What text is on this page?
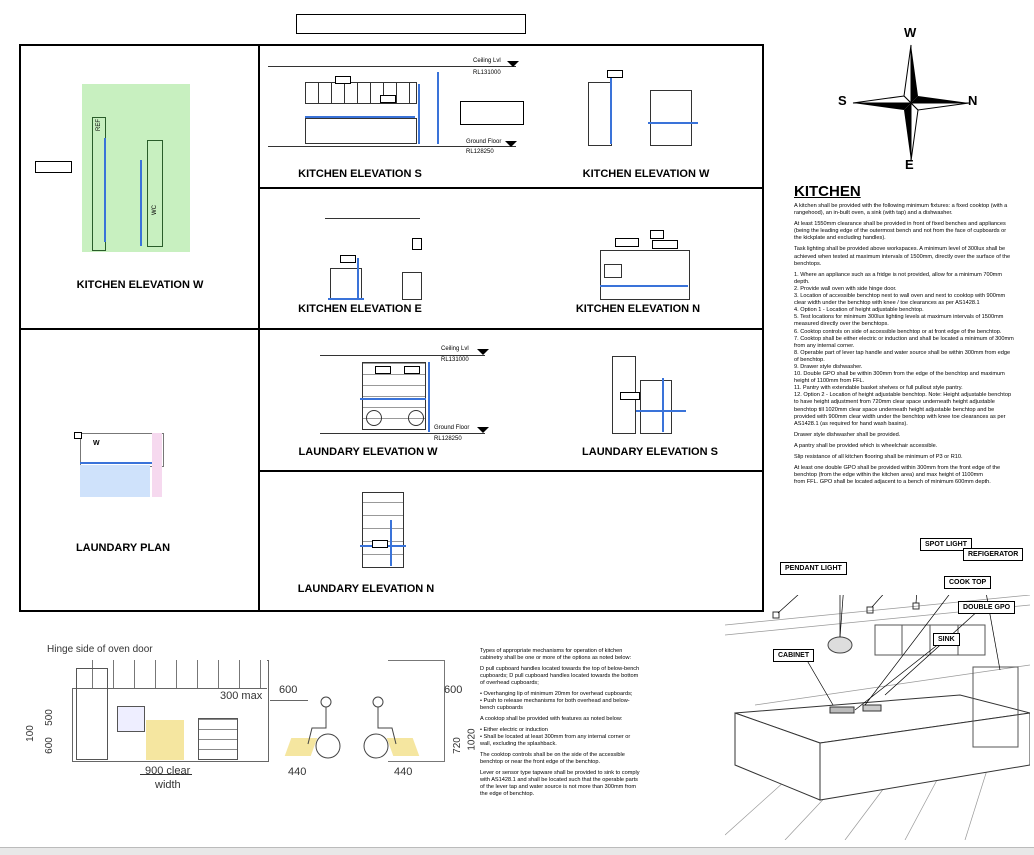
REF
WC
KITCHEN ELEVATION W
Ceiling Lvl
RL131000
Ground Floor
RL128250
KITCHEN ELEVATION S	KITCHEN ELEVATION W
KITCHEN ELEVATION E	KITCHEN ELEVATION N
W
LAUNDARY PLAN
Ceiling Lvl
RL131000
Ground Floor
RL128250
LAUNDARY ELEVATION W	LAUNDARY ELEVATION S
LAUNDARY ELEVATION N
W
E
S	N
KITCHEN

A kitchen shall be provided with the following minimum fixtures: a fixed cooktop (with a rangehood), an in-built oven, a sink (with tap) and a dishwasher.

At least 1550mm clearance shall be provided in front of fixed benches and appliances (being the leading edge of the outermost bench and not from the face of cupboards or the kickplate and excluding handles).

Task lighting shall be provided above workspaces. A minimum level of 300lux shall be achieved when tested at maximum intervals of 1500mm, directly over the surface of the benchtops.

1. Where an appliance such as a fridge is not provided, allow for a minimum 700mm depth.
2. Provide wall oven with side hinge door.
3. Location of accessible benchtop next to wall oven and next to cooktop with 900mm clear width under the benchtop with knee / toe clearances as per AS1428.1
4. Option 1 - Location of height adjustable benchtop.
5. Test locations for minimum 300lux lighting levels at maximum intervals of 1500mm measured directly over the benchtops.
6. Cooktop controls on side of accessible benchtop or at front edge of the benchtop.
7. Cooktop shall be either electric or induction and shall be located a minimum of 300mm from any internal corner.
8. Operable part of lever tap handle and water source shall be within 300mm from edge of benchtop.
9. Drawer style dishwasher.
10. Double GPO shall be within 300mm from the edge of the benchtop and maximum height of 1100mm from FFL.
11. Pantry with extendable basket shelves or full pullout style pantry.
12. Option 2 - Location of height adjustable benchtop. Note: Height adjustable benchtop to have height adjustment from 720mm clear space underneath height adjustable benchtop till 1020mm clear space underneath height adjustable benchtop and be provided with 900mm clear width under the benchtop with knee toe clearances as per AS1428.1 (as required for hand wash basins).

Drawer style dishwasher shall be provided.

A pantry shall be provided which is wheelchair accessible.

Slip resistance of all kitchen flooring shall be minimum of P3 or R10.

At least one double GPO shall be provided within 300mm from the front edge of the benchtop (from the edge within the kitchen area) and max height of 1100mm
from FFL. GPO shall be located adjacent to a bench of minimum 600mm depth.

Hinge side of oven door
300 max
500
600
100
900 clear
width
600	600
440	440
720 1020

Types of appropriate mechanisms for operation of kitchen cabinetry shall be one or more of the options as noted below:

D pull cupboard handles located towards the top of below-bench cupboards; D pull cupboard handles located towards the bottom of overhead cupboards;

• Overhanging lip of minimum 20mm for overhead cupboards;
• Push to release mechanisms for both overhead and below-bench cupboards

A cooktop shall be provided with features as noted below:

• Either electric or induction
• Shall be located at least 300mm from any internal corner or wall, excluding the splashback.

The cooktop controls shall be on the side of the accessible benchtop or near the front edge of the benchtop.

Lever or sensor type tapware shall be provided to sink to comply with AS1428.1 and shall be located such that the operable parts of the lever tap and water source is not more than 300mm from the edge of benchtop.

SPOT LIGHT
REFIGERATOR
PENDANT LIGHT
COOK TOP
DOUBLE GPO
SINK
CABINET
